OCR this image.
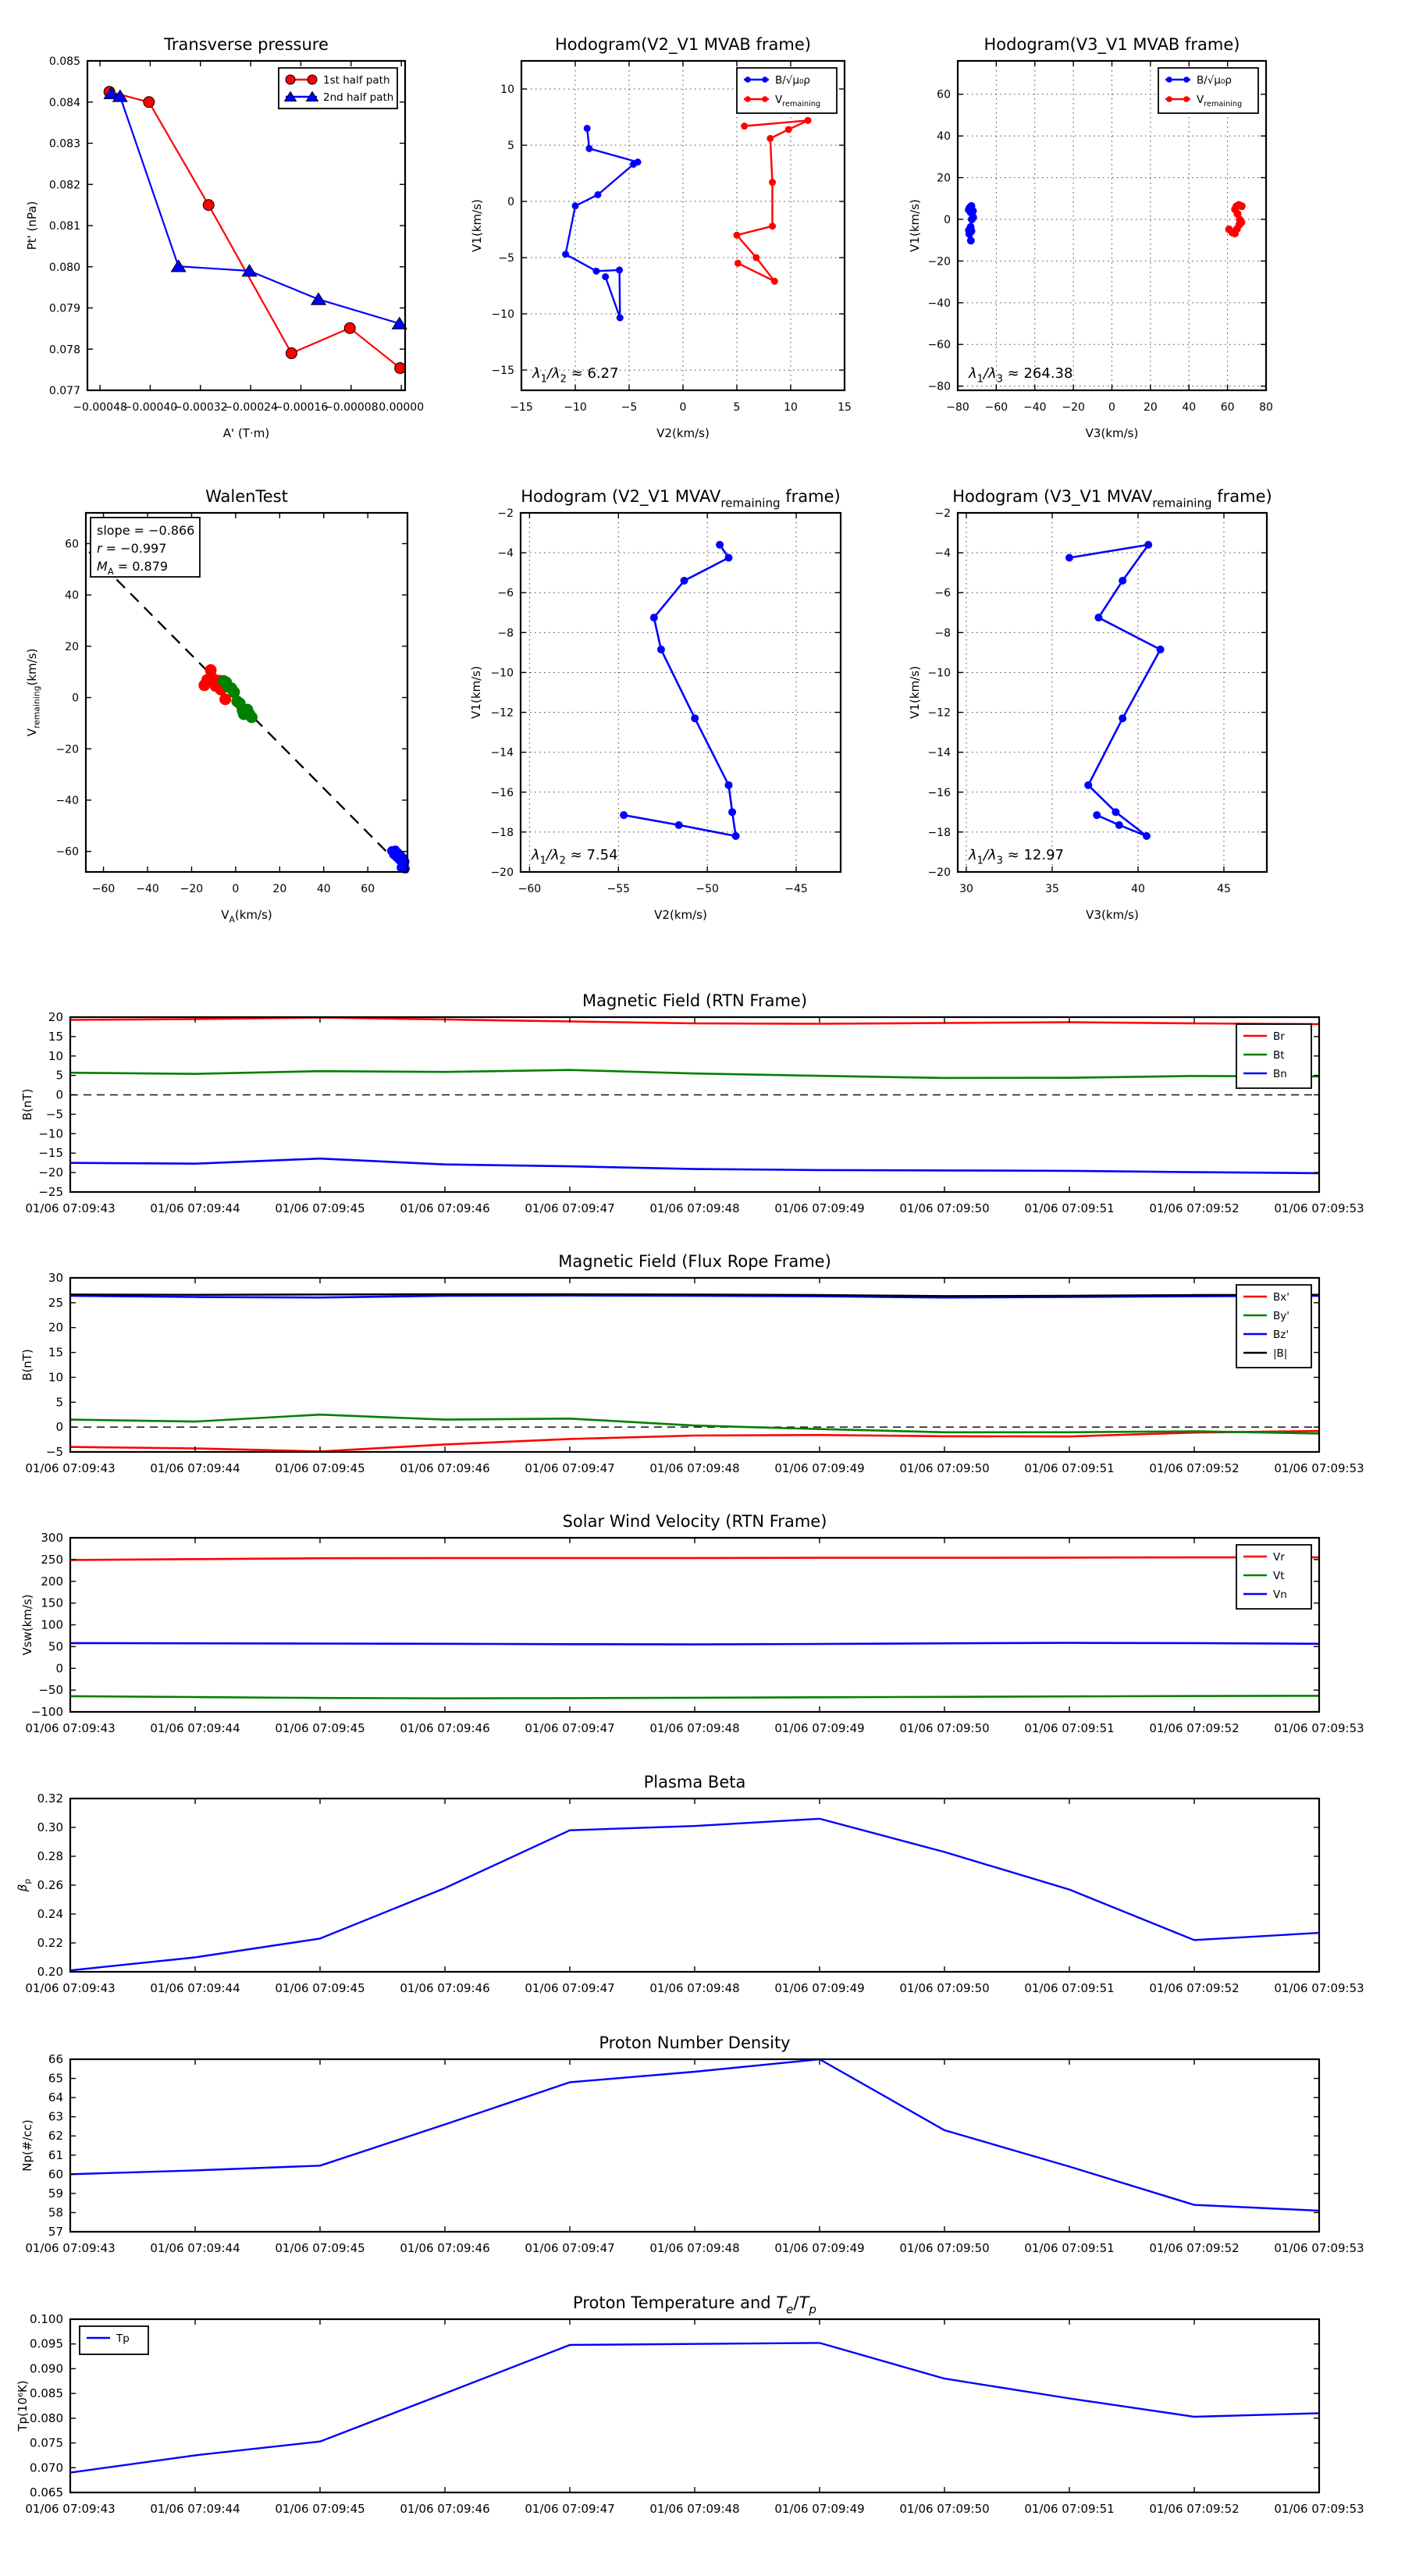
−0.00048
−0.00040
−0.00032
−0.00024
−0.00016
−0.00008 0.00000
0.077
0.078
0.079
0.080
0.081
0.082
0.083
0.084
0.085
Transverse pressure
A' (T·m)
Pt' (nPa)
1st half path
2nd half path
−15	−10	−5	0	5	10	15
−15
−10
−5
0
5
10
Hodogram(V2_V1 MVAB frame)
V2(km/s)
V1(km/s)
B/√μ₀ρ
$V_{remaining}$
$\lambda_1/\lambda_2 \approx 6.27$
−80 −60 −40 −20 0	20 40 60 80
−80
−60
−40
−20
0
20
40
60
Hodogram(V3_V1 MVAB frame)
V3(km/s)
V1(km/s)
B/√μ₀ρ
$V_{remaining}$
$\lambda_1/\lambda_3 \approx 264.38$
−60 −40 −20	0	20	40	60
−60
−40
−20
0
20
40
60
WalenTest
$V_A(km/s)$
$V_{remaining}(km/s)$
slope = −0.866
r = −0.997
$M_A = 0.879$
−60	−55	−50	−45
−2
−4
−6
−8
−10
−12
−14
−16
−18
−20
Hodogram (V2_V1 $MVAV_{remaining}$ frame)
V2(km/s)
V1(km/s)
$\lambda_1/\lambda_2 \approx 7.54$
30	35	40	45
−2
−4
−6
−8
−10
−12
−14
−16
−18
−20
Hodogram (V3_V1 $MVAV_{remaining}$ frame)
V3(km/s)
V1(km/s)
$\lambda_1/\lambda_3 \approx 12.97$
01/06 07:09:43	01/06 07:09:44	01/06 07:09:45	01/06 07:09:46	01/06 07:09:47	01/06 07:09:48	01/06 07:09:49	01/06 07:09:50	01/06 07:09:51	01/06 07:09:52	01/06 07:09:53
−25
−20
−15
−10
−5
0
5
10
15
20
Magnetic Field (RTN Frame)
B(nT)
Br
Bt
Bn
01/06 07:09:43	01/06 07:09:44	01/06 07:09:45	01/06 07:09:46	01/06 07:09:47	01/06 07:09:48	01/06 07:09:49	01/06 07:09:50	01/06 07:09:51	01/06 07:09:52	01/06 07:09:53
−5
0
5
10
15
20
25
30
Magnetic Field (Flux Rope Frame)
B(nT)
Bx'
By'
Bz'
|B|
01/06 07:09:43	01/06 07:09:44	01/06 07:09:45	01/06 07:09:46	01/06 07:09:47	01/06 07:09:48	01/06 07:09:49	01/06 07:09:50	01/06 07:09:51	01/06 07:09:52	01/06 07:09:53
−100
−50
0
50
100
150
200
250
300
Solar Wind Velocity (RTN Frame)
Vsw(km/s)
Vr
Vt
Vn
01/06 07:09:43	01/06 07:09:44	01/06 07:09:45	01/06 07:09:46	01/06 07:09:47	01/06 07:09:48	01/06 07:09:49	01/06 07:09:50	01/06 07:09:51	01/06 07:09:52	01/06 07:09:53
0.20
0.22
0.24
0.26
0.28
0.30
0.32
Plasma Beta
$\beta_p$
01/06 07:09:43	01/06 07:09:44	01/06 07:09:45	01/06 07:09:46	01/06 07:09:47	01/06 07:09:48	01/06 07:09:49	01/06 07:09:50	01/06 07:09:51	01/06 07:09:52	01/06 07:09:53
57
58
59
60
61
62
63
64
65
66
Proton Number Density
Np(#/cc)
01/06 07:09:43	01/06 07:09:44	01/06 07:09:45	01/06 07:09:46	01/06 07:09:47	01/06 07:09:48	01/06 07:09:49	01/06 07:09:50	01/06 07:09:51	01/06 07:09:52	01/06 07:09:53
0.065
0.070
0.075
0.080
0.085
0.090
0.095
0.100
Proton Temperature and $T_e/T_p$
Tp(10⁶K)
Tp
